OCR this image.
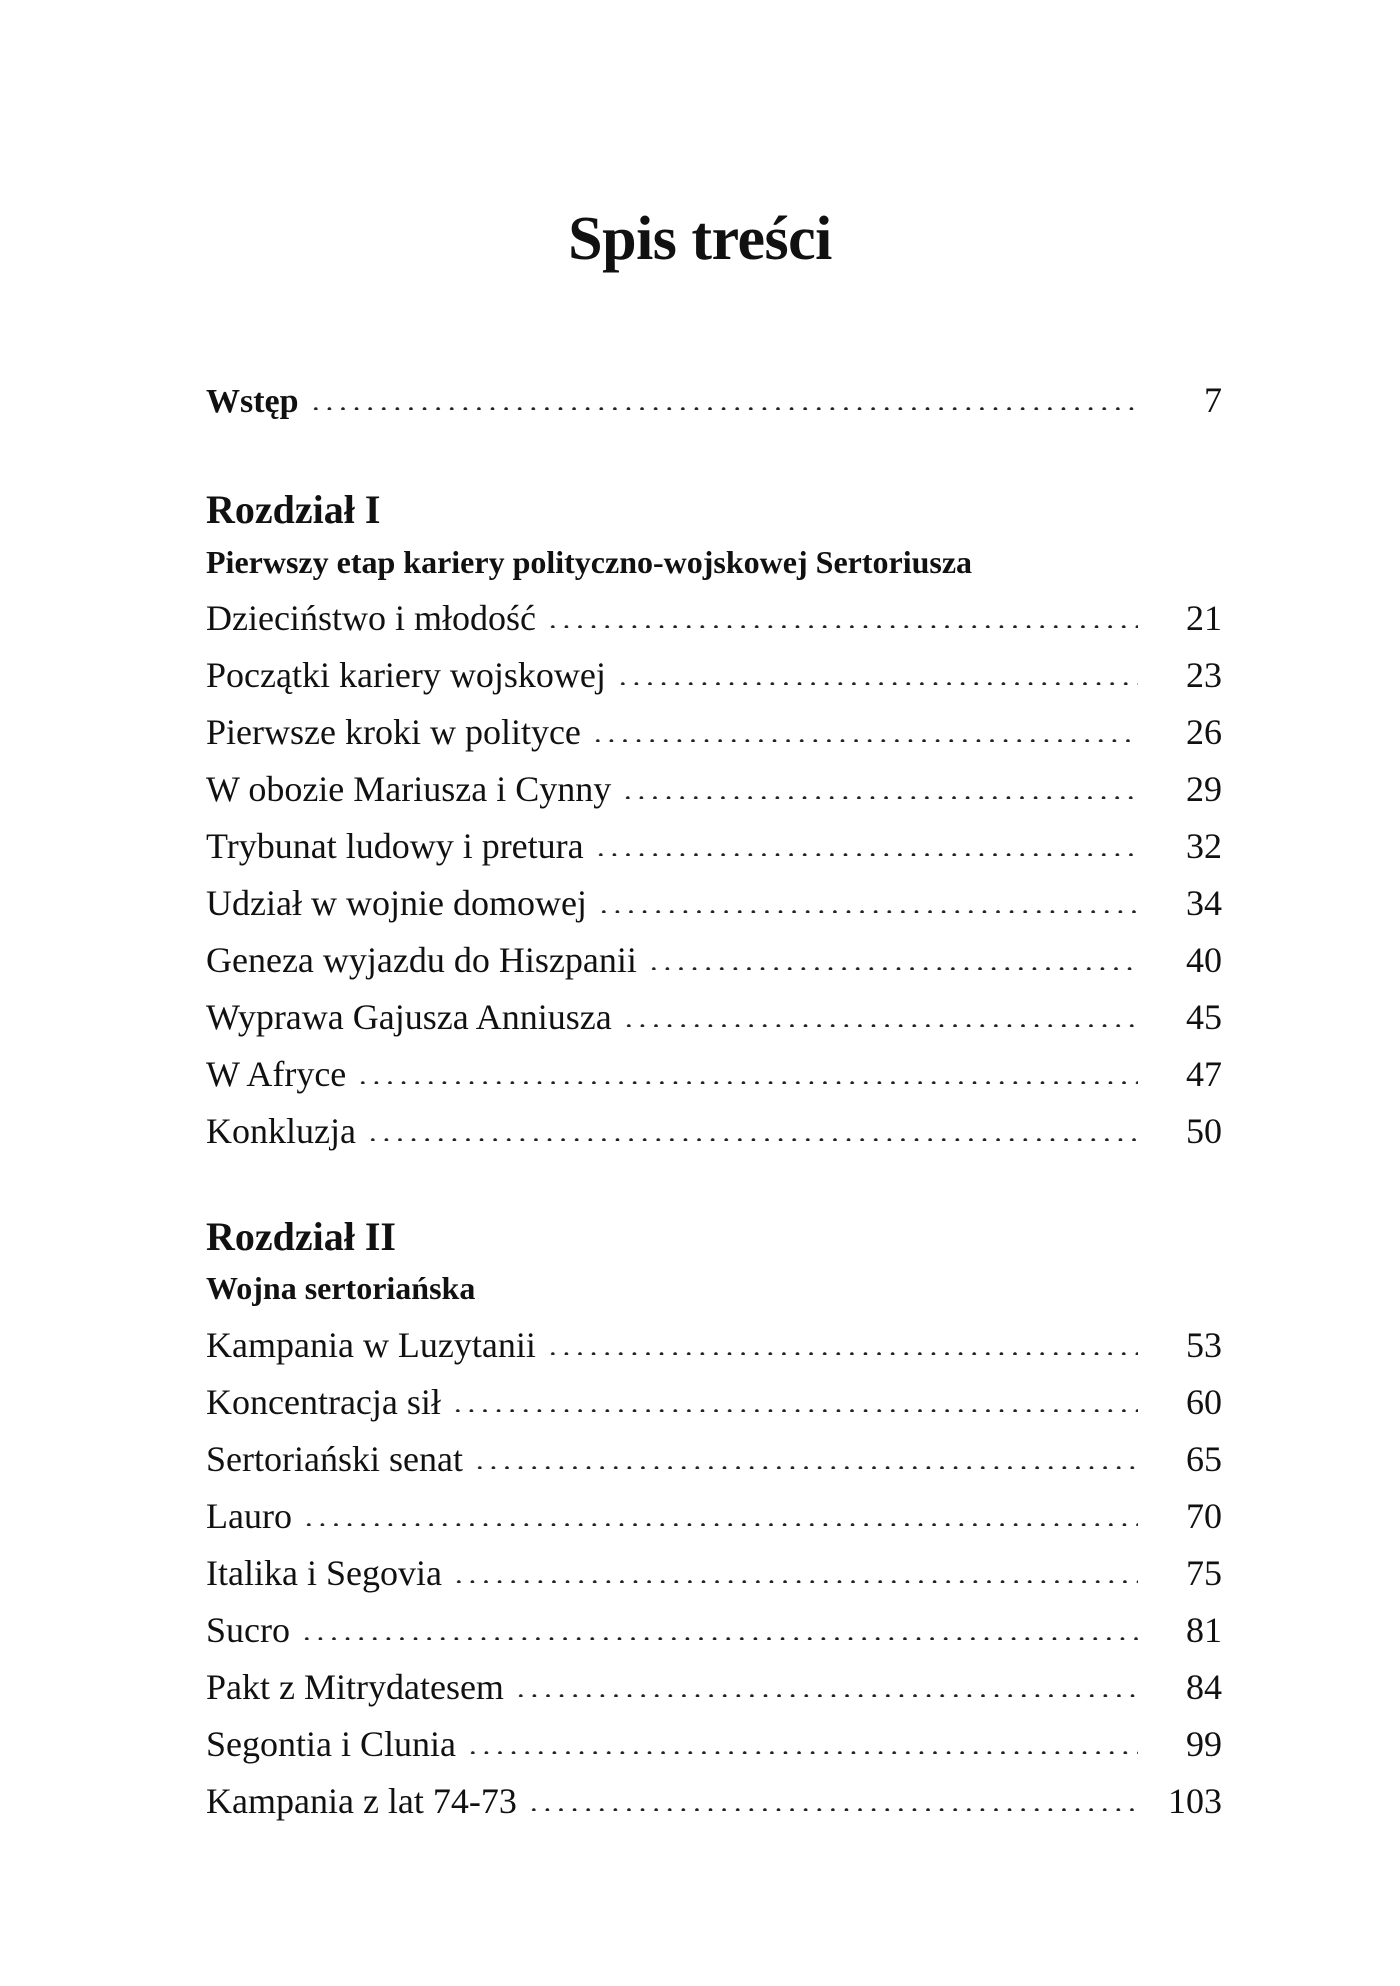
Spis treści
Wstęp	7
Rozdział I
Pierwszy etap kariery polityczno-wojskowej Sertoriusza
Dzieciństwo i młodość	21
Początki kariery wojskowej	23
Pierwsze kroki w polityce	26
W obozie Mariusza i Cynny	29
Trybunat ludowy i pretura	32
Udział w wojnie domowej	34
Geneza wyjazdu do Hiszpanii	40
Wyprawa Gajusza Anniusza	45
W Afryce	47
Konkluzja	50
Rozdział II
Wojna sertoriańska
Kampania w Luzytanii	53
Koncentracja sił	60
Sertoriański senat	65
Lauro	70
Italika i Segovia	75
Sucro	81
Pakt z Mitrydatesem	84
Segontia i Clunia	99
Kampania z lat 74-73	103
